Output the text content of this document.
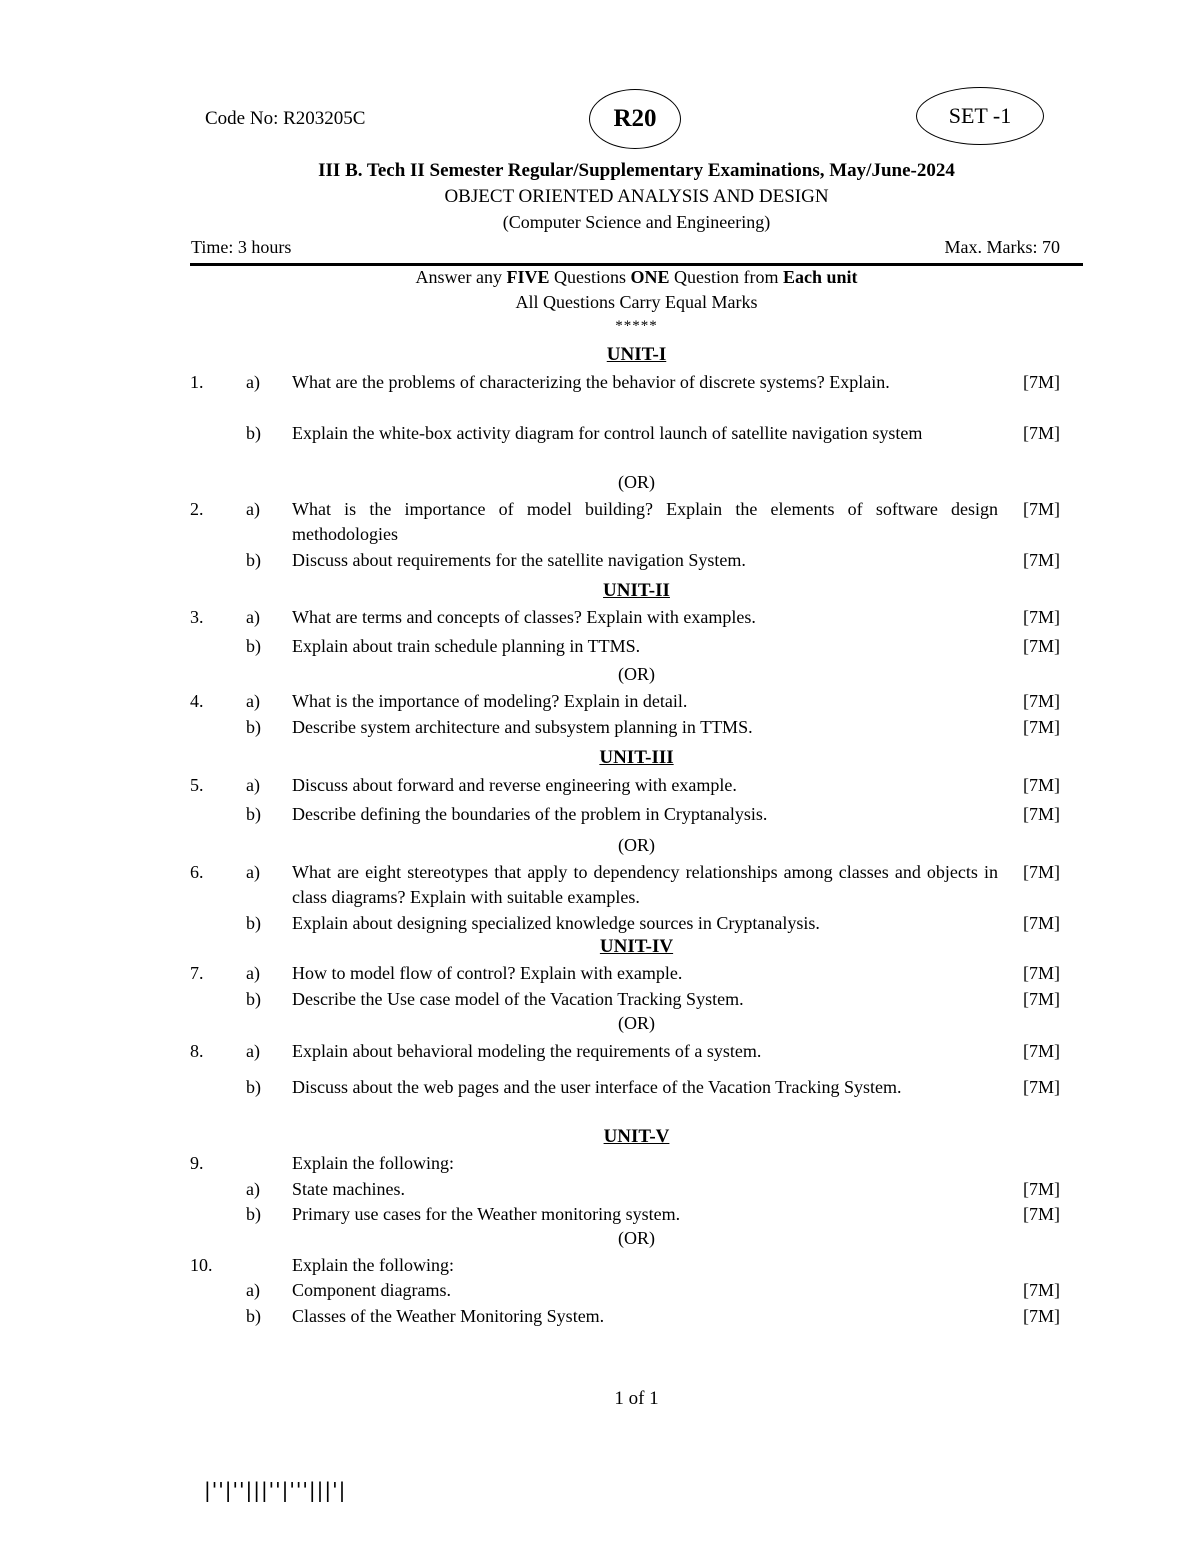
Code No: R203205C	R20	SET -1
III B. Tech II Semester Regular/Supplementary Examinations, May/June-2024
OBJECT ORIENTED ANALYSIS AND DESIGN
(Computer Science and Engineering)
Time: 3 hours	Max. Marks: 70
Answer any FIVE Questions ONE Question from Each unit
All Questions Carry Equal Marks
*****
UNIT-I
1. a) What are the problems of characterizing the behavior of discrete systems? Explain.	[7M]
b) Explain the white-box activity diagram for control launch of satellite navigation system	[7M]
(OR)
2. a) What is the importance of model building? Explain the elements of software design methodologies
[7M]
b) Discuss about requirements for the satellite navigation System.	[7M]
UNIT-II
3. a) What are terms and concepts of classes? Explain with examples.	[7M]
b) Explain about train schedule planning in TTMS.	[7M]
(OR)
4. a) What is the importance of modeling? Explain in detail.	[7M]
b) Describe system architecture and subsystem planning in TTMS.	[7M]
UNIT-III
5. a) Discuss about forward and reverse engineering with example.	[7M]
b) Describe defining the boundaries of the problem in Cryptanalysis.	[7M]
(OR)
6. a) What are eight stereotypes that apply to dependency relationships among classes and objects in class diagrams? Explain with suitable examples.
[7M]
b) Explain about designing specialized knowledge sources in Cryptanalysis.	[7M]
UNIT-IV
7. a) How to model flow of control? Explain with example.	[7M]
b) Describe the Use case model of the Vacation Tracking System.	[7M]
(OR)
8. a) Explain about behavioral modeling the requirements of a system.	[7M]
b) Discuss about the web pages and the user interface of the Vacation Tracking System.	[7M]
UNIT-V
9.	Explain the following:
a) State machines.	[7M]
b) Primary use cases for the Weather monitoring system.	[7M]
(OR)
10.	Explain the following:
a) Component diagrams.	[7M]
b) Classes of the Weather Monitoring System.	[7M]
1 of 1
|''|''|||''|'''|||'|
